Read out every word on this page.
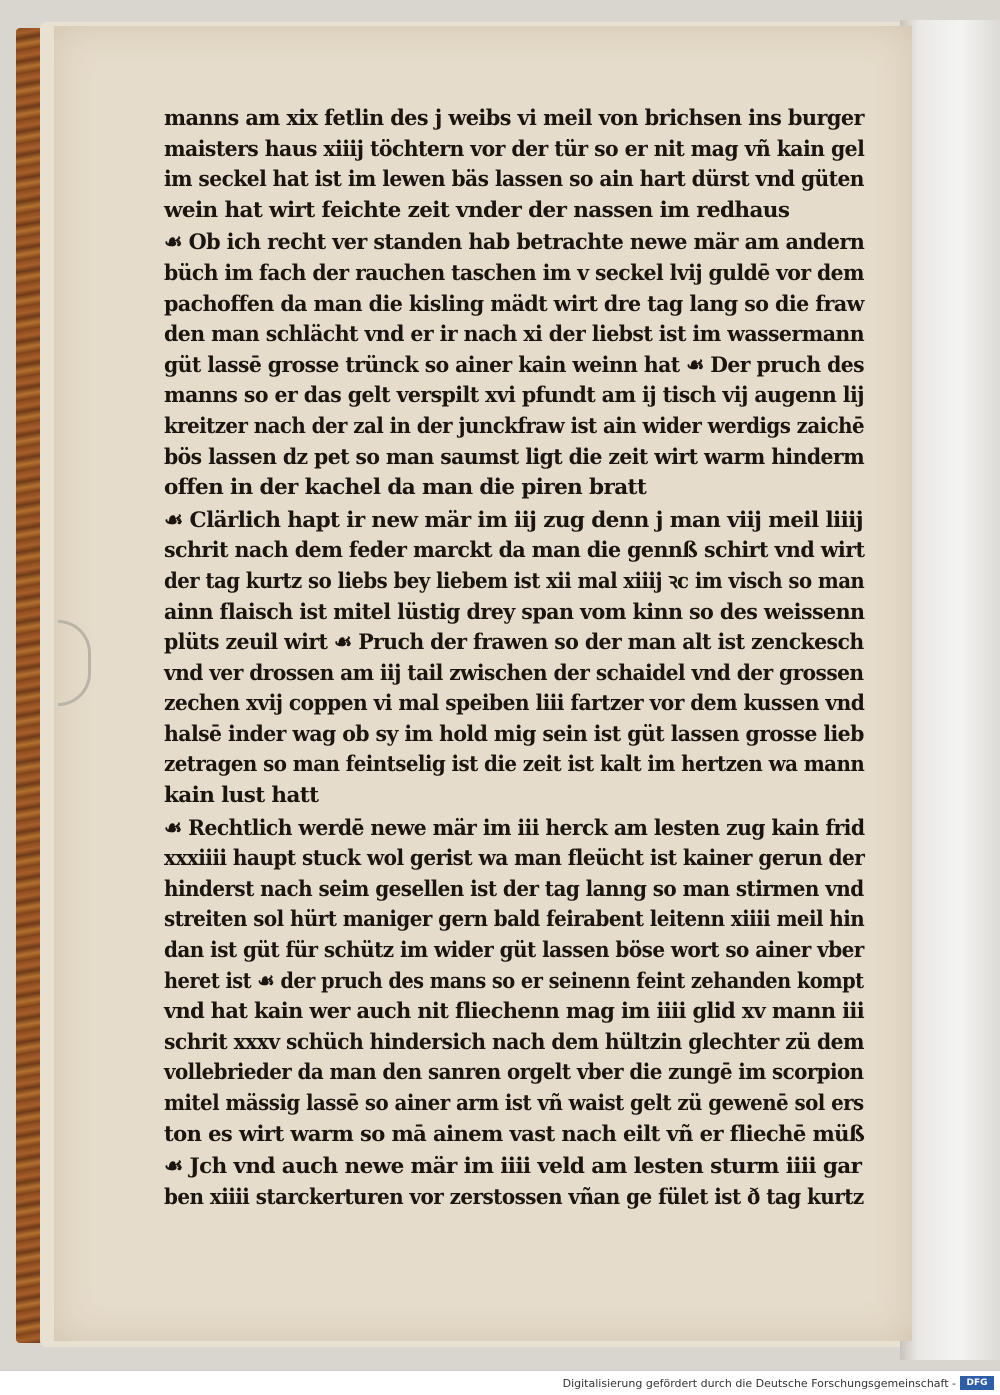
manns am xix fetlin des j weibs vi meil von brichsen ins burger
maisters haus xiiij töchtern vor der tür so er nit mag vñ kain gel
im seckel hat ist im lewen bäs lassen so ain hart dürst vnd güten
wein hat wirt feichte zeit vnder der nassen im redhaus
☙ Ob ich recht ver standen hab betrachte newe mär am andern
büch im fach der rauchen taschen im v seckel lvij guldē vor dem
pachoffen da man die kisling mädt wirt dre tag lang so die fraw
den man schlächt vnd er ir nach xi der liebst ist im wassermann
güt lassē grosse trünck so ainer kain weinn hat ☙ Der pruch des
manns so er das gelt verspilt xvi pfundt am ij tisch vij augenn lij
kreitzer nach der zal in der junckfraw ist ain wider werdigs zaichē
bös lassen dz pet so man saumst ligt die zeit wirt warm hinderm
offen in der kachel da man die piren bratt
☙ Clärlich hapt ir new mär im iij zug denn j man viij meil liiij
schrit nach dem feder marckt da man die gennß schirt vnd wirt
der tag kurtz so liebs bey liebem ist xii mal xiiij ꝛc im visch so man
ainn flaisch ist mitel lüstig drey span vom kinn so des weissenn
plüts zeuil wirt ☙ Pruch der frawen so der man alt ist zenckesch
vnd ver drossen am iij tail zwischen der schaidel vnd der grossen
zechen xvij coppen vi mal speiben liii fartzer vor dem kussen vnd
halsē inder wag ob sy im hold mig sein ist güt lassen grosse lieb
zetragen so man feintselig ist die zeit ist kalt im hertzen wa mann
kain lust hatt
☙ Rechtlich werdē newe mär im iii herck am lesten zug kain frid
xxxiiii haupt stuck wol gerist wa man fleücht ist kainer gerun der
hinderst nach seim gesellen ist der tag lanng so man stirmen vnd
streiten sol hürt maniger gern bald feirabent leitenn xiiii meil hin
dan ist güt für schütz im wider güt lassen böse wort so ainer vber
heret ist ☙ der pruch des mans so er seinenn feint zehanden kompt
vnd hat kain wer auch nit fliechenn mag im iiii glid xv mann iii
schrit xxxv schüch hindersich nach dem hültzin glechter zü dem
vollebrieder da man den sanren orgelt vber die zungē im scorpion
mitel mässig lassē so ainer arm ist vñ waist gelt zü gewenē sol ers
ton es wirt warm so mā ainem vast nach eilt vñ er fliechē müß
☙ Jch vnd auch newe mär im iiii veld am lesten sturm iiii gar
ben xiiii starckerturen vor zerstossen vñan ge fület ist ð tag kurtz
Digitalisierung gefördert durch die Deutsche Forschungsgemeinschaft -	DFG
